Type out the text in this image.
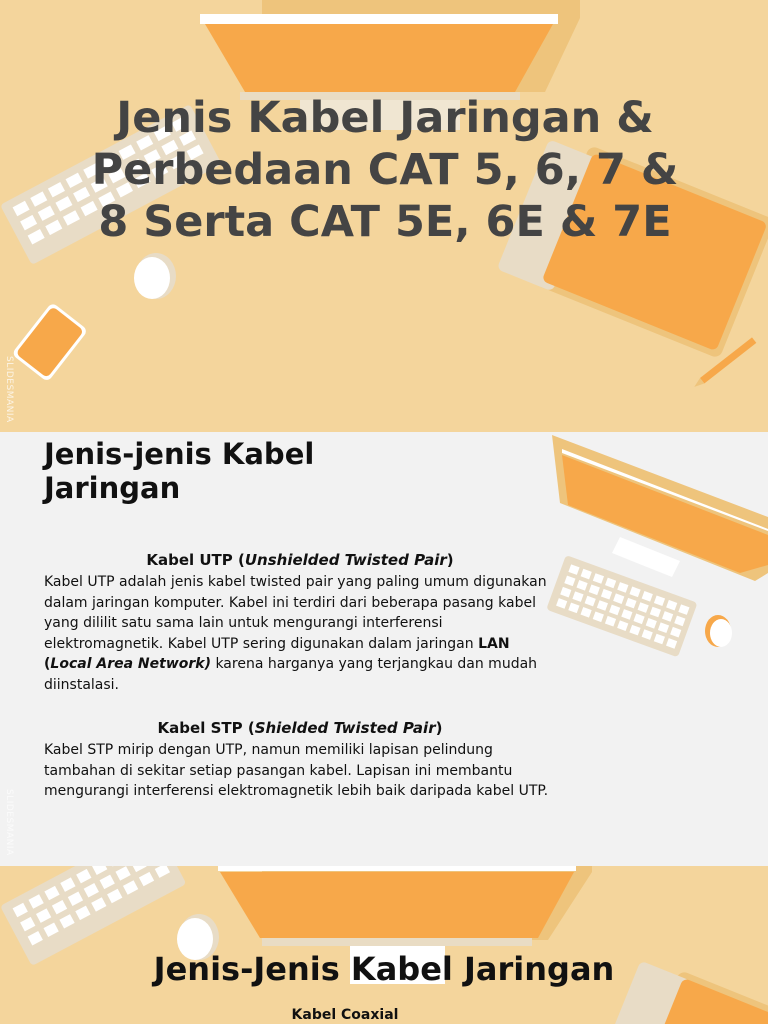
Jenis Kabel Jaringan & Perbedaan CAT 5, 6, 7 & 8 Serta CAT 5E, 6E & 7E
SLIDESMANIA
Jenis-jenis Kabel Jaringan

Kabel UTP (Unshielded Twisted Pair)

Kabel UTP adalah jenis kabel twisted pair yang paling umum digunakan dalam jaringan komputer. Kabel ini terdiri dari beberapa pasang kabel yang dililit satu sama lain untuk mengurangi interferensi elektromagnetik. Kabel UTP sering digunakan dalam jaringan LAN (Local Area Network) karena harganya yang terjangkau dan mudah diinstalasi.

Kabel STP (Shielded Twisted Pair)

Kabel STP mirip dengan UTP, namun memiliki lapisan pelindung tambahan di sekitar setiap pasangan kabel. Lapisan ini membantu mengurangi interferensi elektromagnetik lebih baik daripada kabel UTP.

SLIDESMANIA
Jenis-Jenis Kabel Jaringan

Kabel Coaxial
